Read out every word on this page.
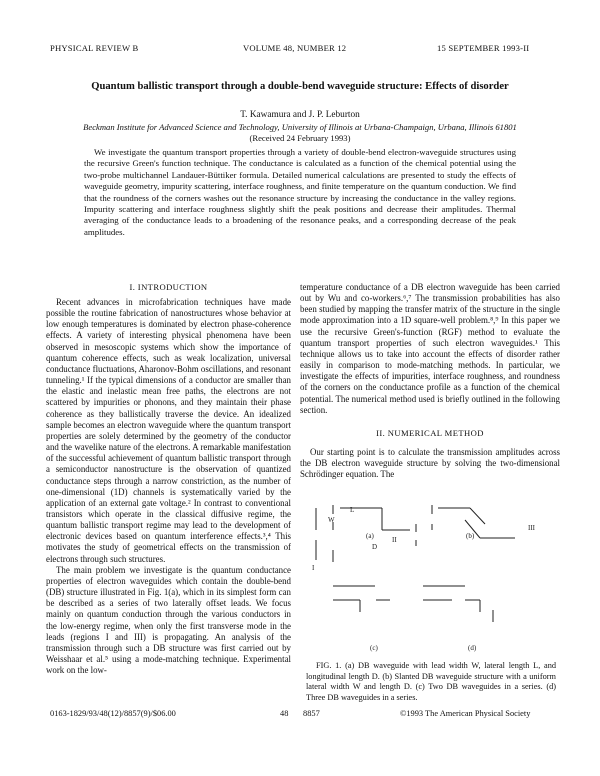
PHYSICAL REVIEW B	VOLUME 48, NUMBER 12	15 SEPTEMBER 1993-II
Quantum ballistic transport through a double-bend waveguide structure: Effects of disorder
T. Kawamura and J. P. Leburton
Beckman Institute for Advanced Science and Technology, University of Illinois at Urbana-Champaign, Urbana, Illinois 61801
(Received 24 February 1993)
We investigate the quantum transport properties through a variety of double-bend electron-waveguide structures using the recursive Green's function technique. The conductance is calculated as a function of the chemical potential using the two-probe multichannel Landauer-Büttiker formula. Detailed numerical calculations are presented to study the effects of waveguide geometry, impurity scattering, interface roughness, and finite temperature on the quantum conduction. We find that the roundness of the corners washes out the resonance structure by increasing the conductance in the valley regions. Impurity scattering and interface roughness slightly shift the peak positions and decrease their amplitudes. Thermal averaging of the conductance leads to a broadening of the resonance peaks, and a corresponding decrease of the peak amplitudes.
I. INTRODUCTION

Recent advances in microfabrication techniques have made possible the routine fabrication of nanostructures whose behavior at low enough temperatures is dominated by electron phase-coherence effects. A variety of interesting physical phenomena have been observed in mesoscopic systems which show the importance of quantum coherence effects, such as weak localization, universal conductance fluctuations, Aharonov-Bohm oscillations, and resonant tunneling.¹ If the typical dimensions of a conductor are smaller than the elastic and inelastic mean free paths, the electrons are not scattered by impurities or phonons, and they maintain their phase coherence as they ballistically traverse the device. An idealized sample becomes an electron waveguide where the quantum transport properties are solely determined by the geometry of the conductor and the wavelike nature of the electrons. A remarkable manifestation of the successful achievement of quantum ballistic transport through a semiconductor nanostructure is the observation of quantized conductance steps through a narrow constriction, as the number of one-dimensional (1D) channels is systematically varied by the application of an external gate voltage.² In contrast to conventional transistors which operate in the classical diffusive regime, the quantum ballistic transport regime may lead to the development of electronic devices based on quantum interference effects.³,⁴ This motivates the study of geometrical effects on the transmission of electrons through such structures.

The main problem we investigate is the quantum conductance properties of electron waveguides which contain the double-bend (DB) structure illustrated in Fig. 1(a), which in its simplest form can be described as a series of two laterally offset leads. We focus mainly on quantum conduction through the various conductors in the low-energy regime, when only the first transverse mode in the leads (regions I and III) is propagating. An analysis of the transmission through such a DB structure was first carried out by Weisshaar et al.⁵ using a mode-matching technique. Experimental work on the low-

temperature conductance of a DB electron waveguide has been carried out by Wu and co-workers.⁶,⁷ The transmission probabilities has also been studied by mapping the transfer matrix of the structure in the single mode approximation into a 1D square-well problem.⁸,⁹ In this paper we use the recursive Green's-function (RGF) method to evaluate the quantum transport properties of such electron waveguides.¹ This technique allows us to take into account the effects of disorder rather easily in comparison to mode-matching methods. In particular, we investigate the effects of impurities, interface roughness, and roundness of the corners on the conductance profile as a function of the chemical potential. The numerical method used is briefly outlined in the following section.

II. NUMERICAL METHOD

Our starting point is to calculate the transmission amplitudes across the DB electron waveguide structure by solving the two-dimensional Schrödinger equation. The

L
II
D
W
I
III
(a)	(b)
(c)	(d)
FIG. 1. (a) DB waveguide with lead width W, lateral length L, and longitudinal length D. (b) Slanted DB waveguide structure with a uniform lateral width W and length D. (c) Two DB waveguides in a series. (d) Three DB waveguides in a series.
0163-1829/93/48(12)/8857(9)/$06.00	48 8857	©1993 The American Physical Society
